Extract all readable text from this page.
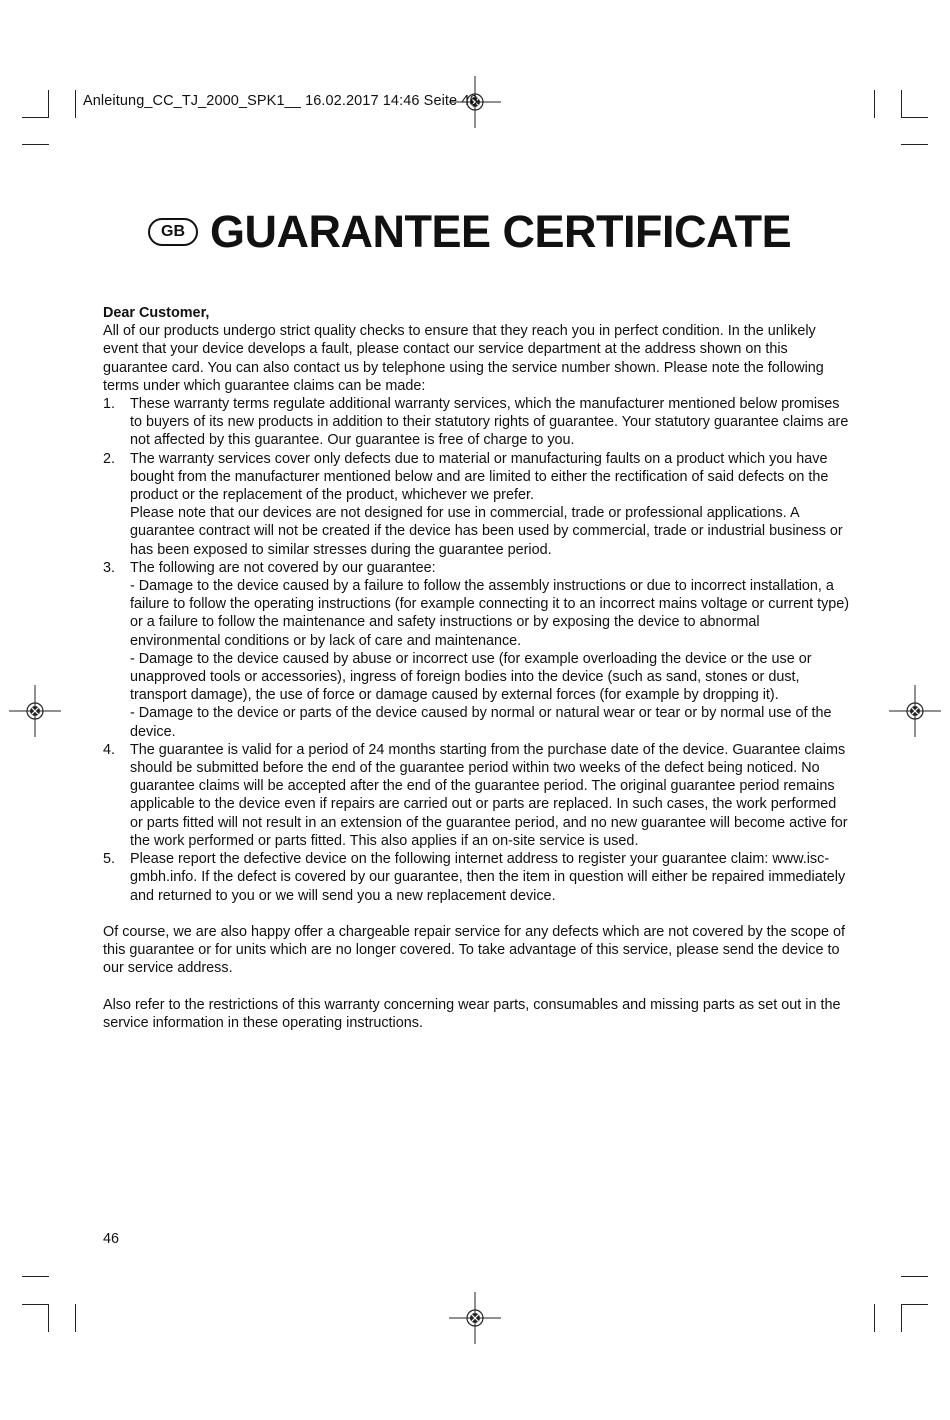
Anleitung_CC_TJ_2000_SPK1__ 16.02.2017 14:46 Seite 46
GB GUARANTEE CERTIFICATE
Dear Customer,

All of our products undergo strict quality checks to ensure that they reach you in perfect condition. In the unlikely event that your device develops a fault, please contact our service department at the address shown on this guarantee card. You can also contact us by telephone using the service number shown. Please note the following terms under which guarantee claims can be made:

1. These warranty terms regulate additional warranty services, which the manufacturer mentioned below promises to buyers of its new products in addition to their statutory rights of guarantee. Your statutory guarantee claims are not affected by this guarantee. Our guarantee is free of charge to you.
2. The warranty services cover only defects due to material or manufacturing faults on a product which you have bought from the manufacturer mentioned below and are limited to either the rectification of said defects on the product or the replacement of the product, whichever we prefer.
Please note that our devices are not designed for use in commercial, trade or professional applications. A guarantee contract will not be created if the device has been used by commercial, trade or industrial business or has been exposed to similar stresses during the guarantee period.
3. The following are not covered by our guarantee:
- Damage to the device caused by a failure to follow the assembly instructions or due to incorrect installation, a failure to follow the operating instructions (for example connecting it to an incorrect mains voltage or current type) or a failure to follow the maintenance and safety instructions or by exposing the device to abnormal environmental conditions or by lack of care and maintenance.
- Damage to the device caused by abuse or incorrect use (for example overloading the device or the use or unapproved tools or accessories), ingress of foreign bodies into the device (such as sand, stones or dust, transport damage), the use of force or damage caused by external forces (for example by dropping it).
- Damage to the device or parts of the device caused by normal or natural wear or tear or by normal use of the device.
4. The guarantee is valid for a period of 24 months starting from the purchase date of the device. Guarantee claims should be submitted before the end of the guarantee period within two weeks of the defect being noticed. No guarantee claims will be accepted after the end of the guarantee period. The original guarantee period remains applicable to the device even if repairs are carried out or parts are replaced. In such cases, the work performed or parts fitted will not result in an extension of the guarantee period, and no new guarantee will become active for the work performed or parts fitted. This also applies if an on-site service is used.
5. Please report the defective device on the following internet address to register your guarantee claim: www.isc-gmbh.info. If the defect is covered by our guarantee, then the item in question will either be repaired immediately and returned to you or we will send you a new replacement device.

Of course, we are also happy offer a chargeable repair service for any defects which are not covered by the scope of this guarantee or for units which are no longer covered. To take advantage of this service, please send the device to our service address.

Also refer to the restrictions of this warranty concerning wear parts, consumables and missing parts as set out in the service information in these operating instructions.

46
